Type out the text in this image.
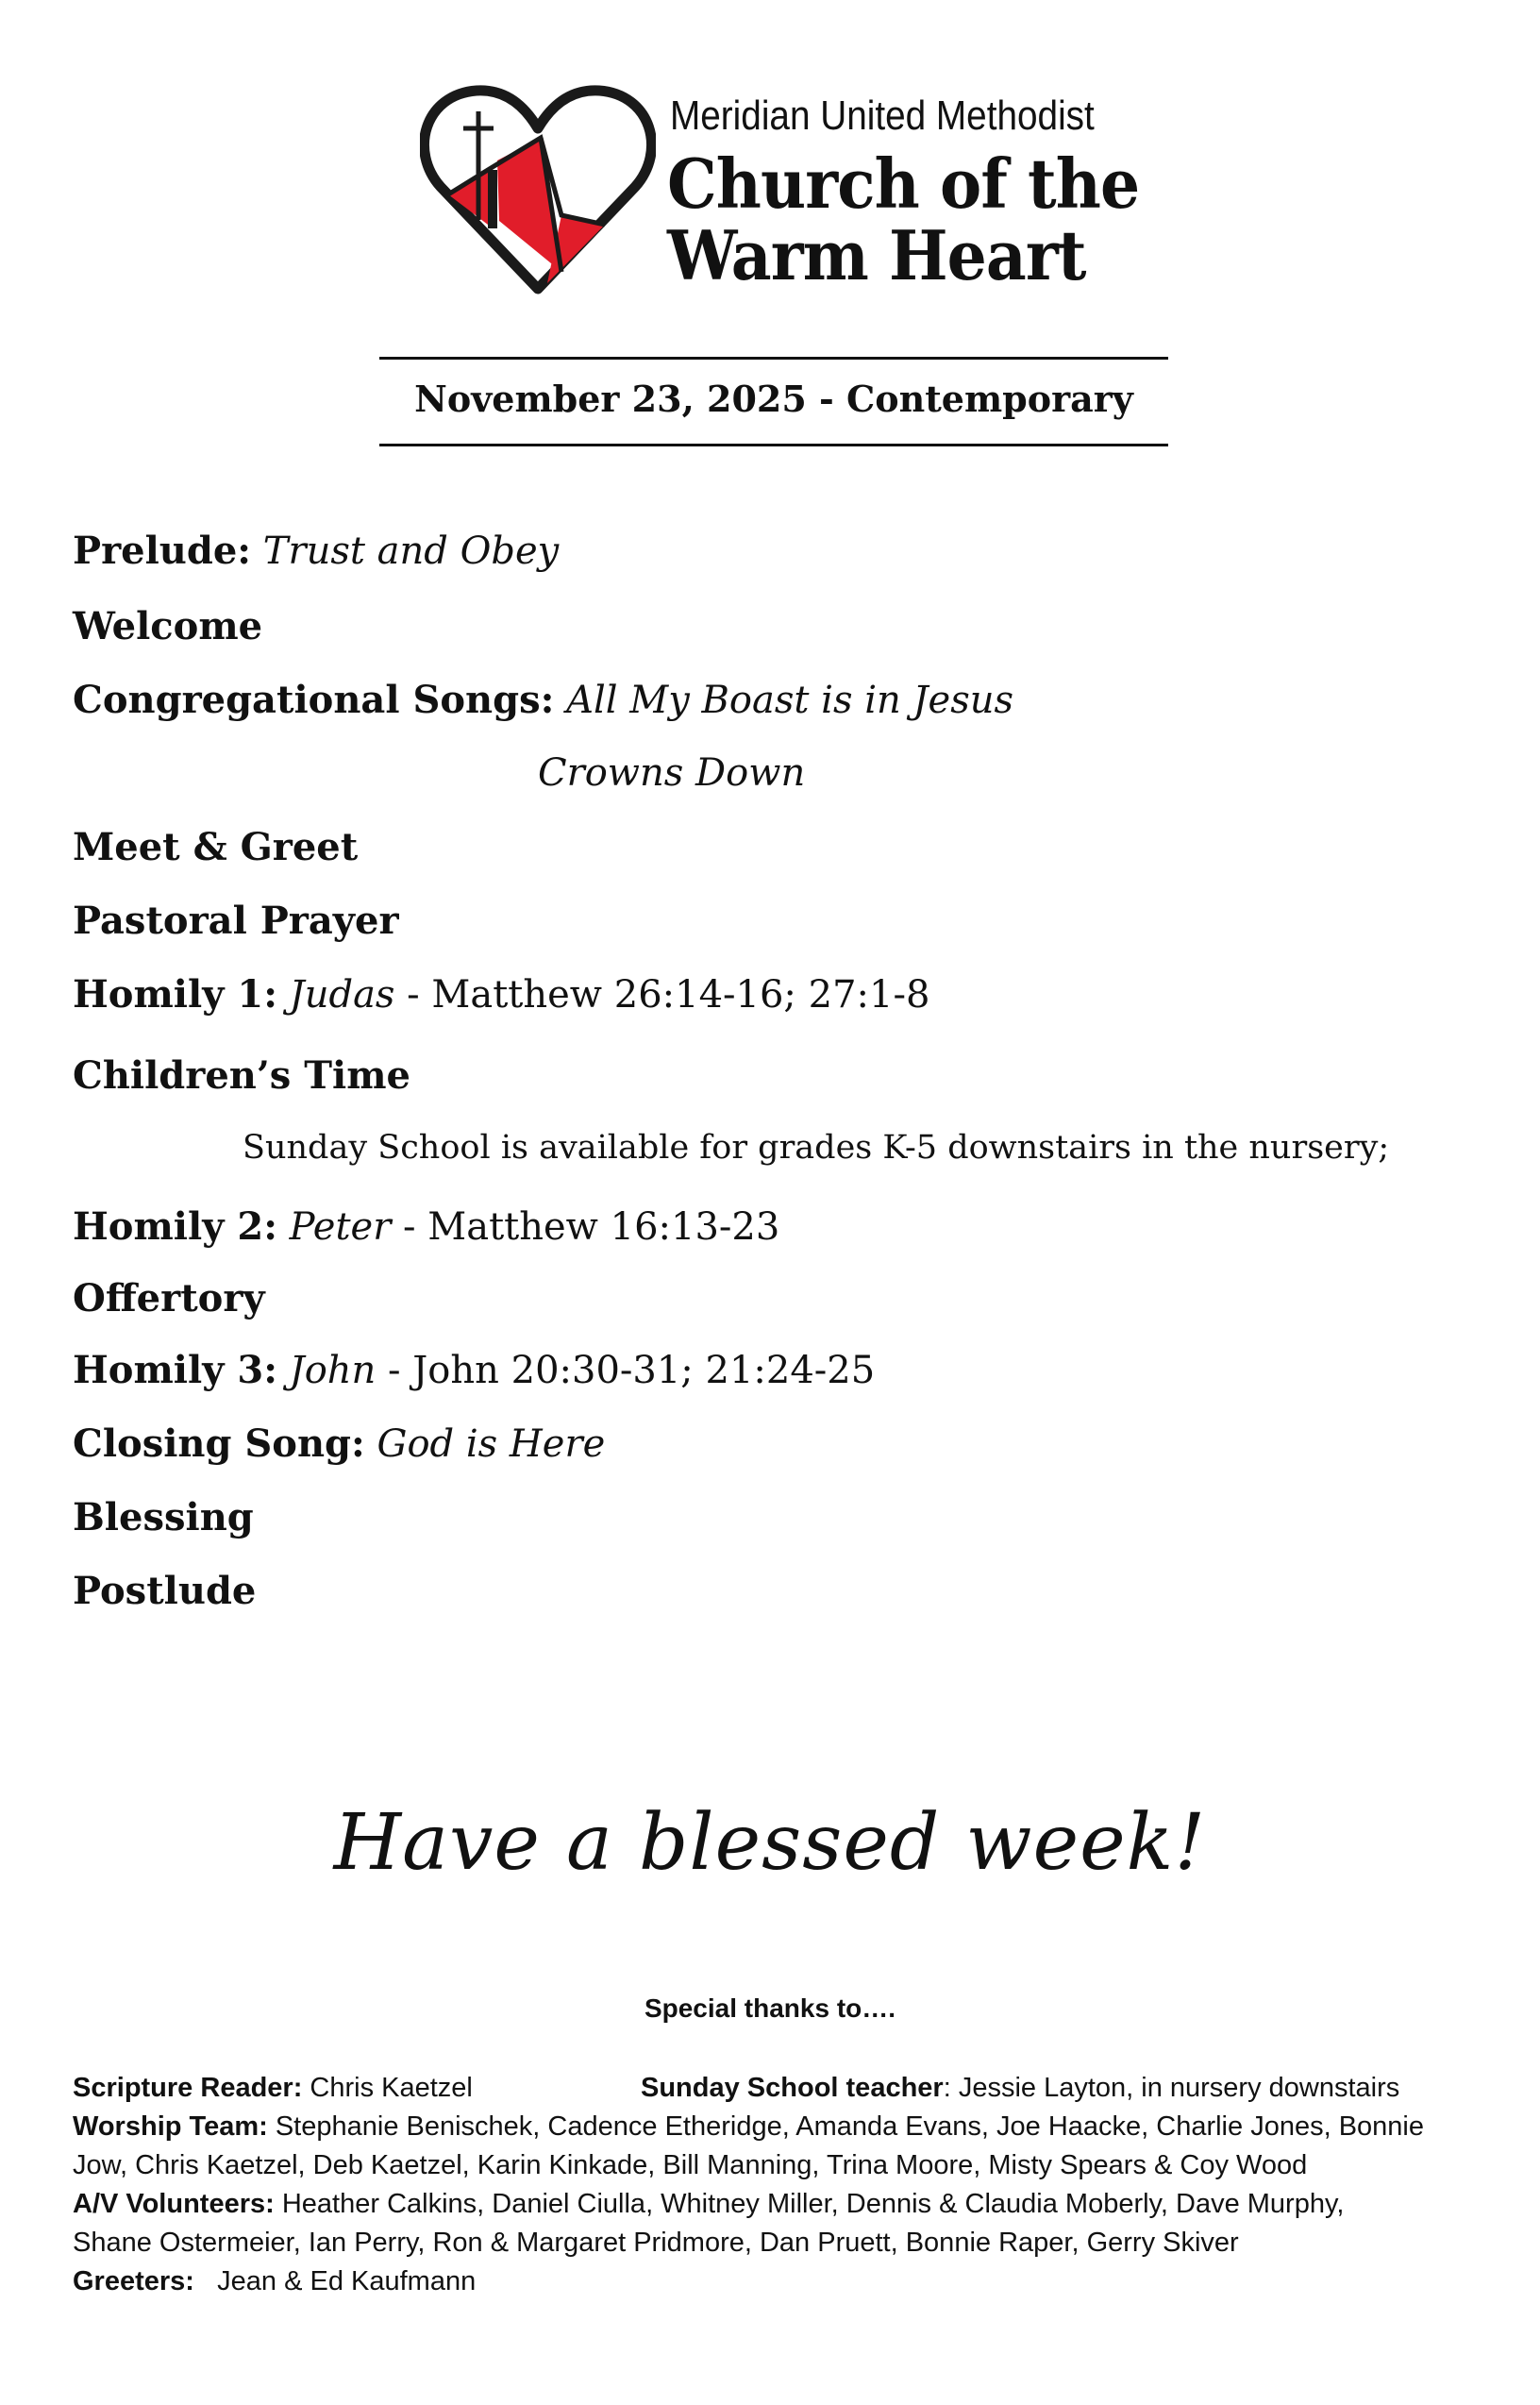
Meridian United Methodist
Church of the
Warm Heart
November 23, 2025 - Contemporary
Prelude: Trust and Obey
Welcome
Congregational Songs: All My Boast is in Jesus
Crowns Down
Meet & Greet
Pastoral Prayer
Homily 1: Judas - Matthew 26:14-16; 27:1-8
Children’s Time
Sunday School is available for grades K-5 downstairs in the nursery;
Homily 2: Peter - Matthew 16:13-23
Offertory
Homily 3: John - John 20:30-31; 21:24-25
Closing Song: God is Here
Blessing
Postlude
Have a blessed week!
Special thanks to….
Scripture Reader: Chris Kaetzel	Sunday School teacher: Jessie Layton, in nursery downstairs
Worship Team: Stephanie Benischek, Cadence Etheridge, Amanda Evans, Joe Haacke, Charlie Jones, Bonnie
Jow, Chris Kaetzel, Deb Kaetzel, Karin Kinkade, Bill Manning, Trina Moore, Misty Spears & Coy Wood
A/V Volunteers: Heather Calkins, Daniel Ciulla, Whitney Miller, Dennis & Claudia Moberly, Dave Murphy,
Shane Ostermeier, Ian Perry, Ron & Margaret Pridmore, Dan Pruett, Bonnie Raper, Gerry Skiver
Greeters:   Jean & Ed Kaufmann
